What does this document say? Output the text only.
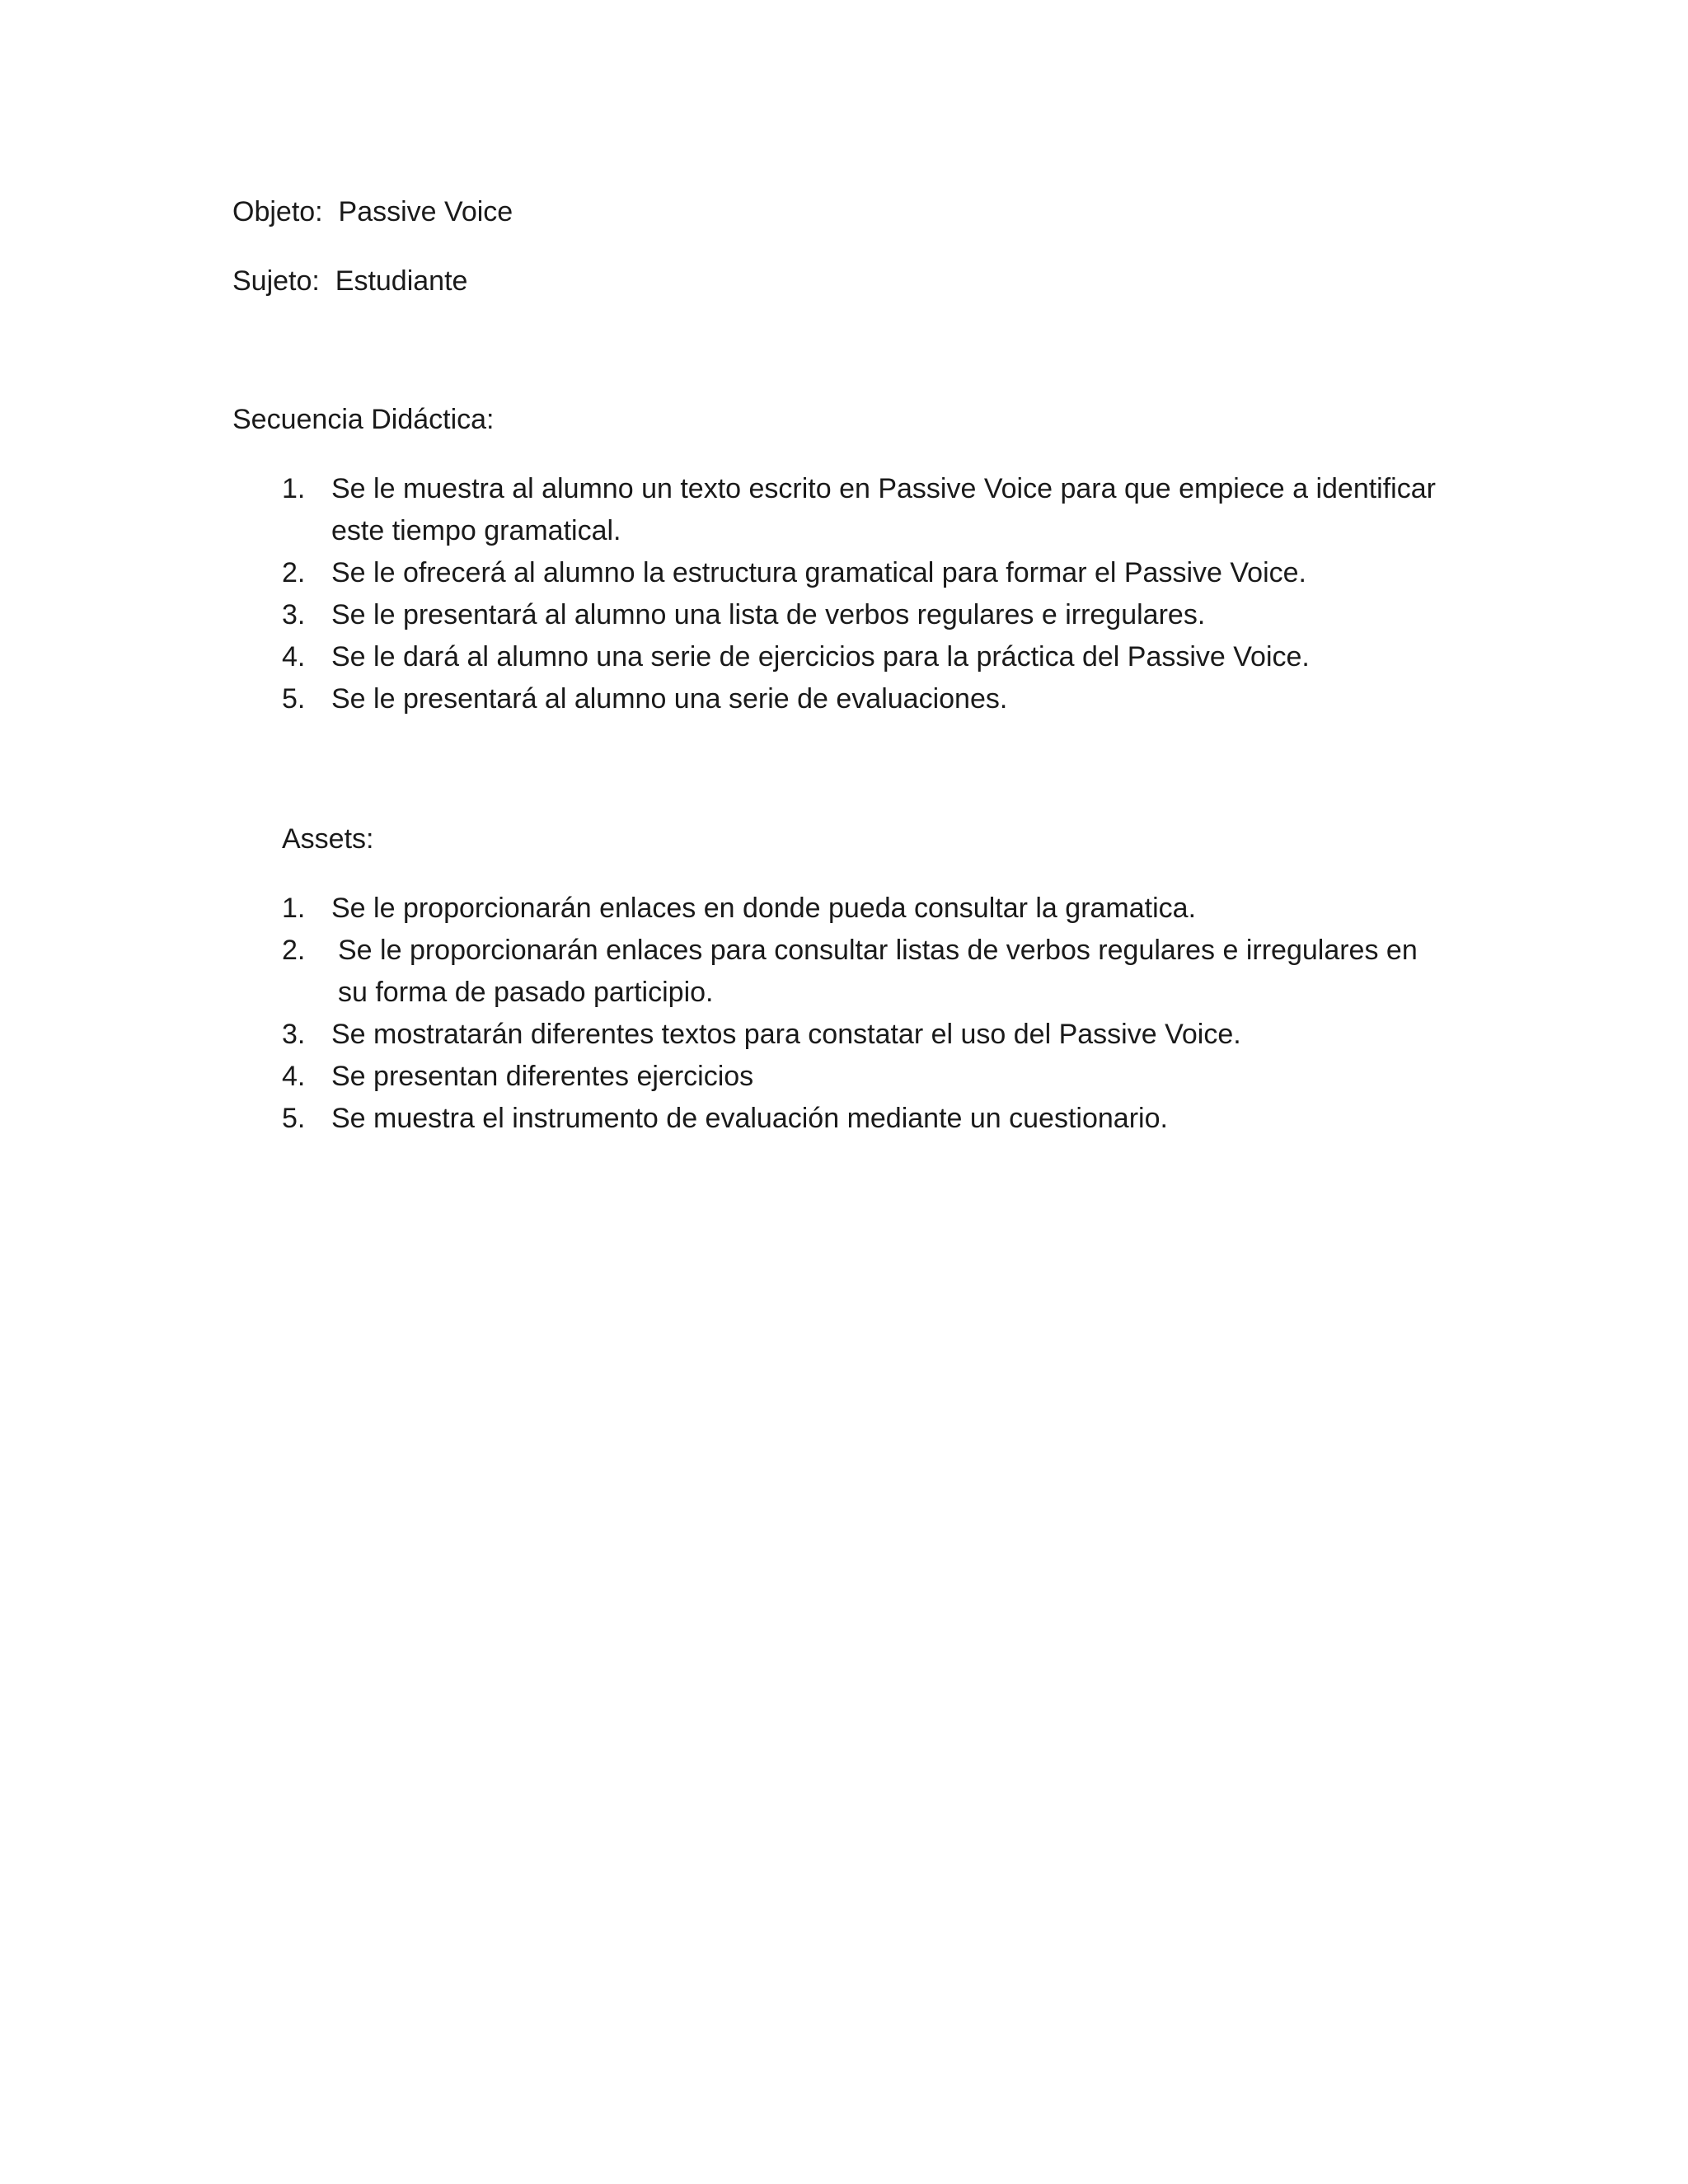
Objeto: Passive Voice
Sujeto: Estudiante
Secuencia Didáctica:
1. Se le muestra al alumno un texto escrito en Passive Voice para que empiece a identificar este tiempo gramatical.
2. Se le ofrecerá al alumno la estructura gramatical para formar el Passive Voice.
3. Se le presentará al alumno una lista de verbos regulares e irregulares.
4. Se le dará al alumno una serie de ejercicios para la práctica del Passive Voice.
5. Se le presentará al alumno una serie de evaluaciones.
Assets:
1. Se le proporcionarán enlaces en donde pueda consultar la gramatica.
2.	Se le proporcionarán enlaces para consultar listas de verbos regulares e irregulares en su forma de pasado participio.
3. Se mostratarán diferentes textos para constatar el uso del Passive Voice.
4. Se presentan diferentes ejercicios
5. Se muestra el instrumento de evaluación mediante un cuestionario.
